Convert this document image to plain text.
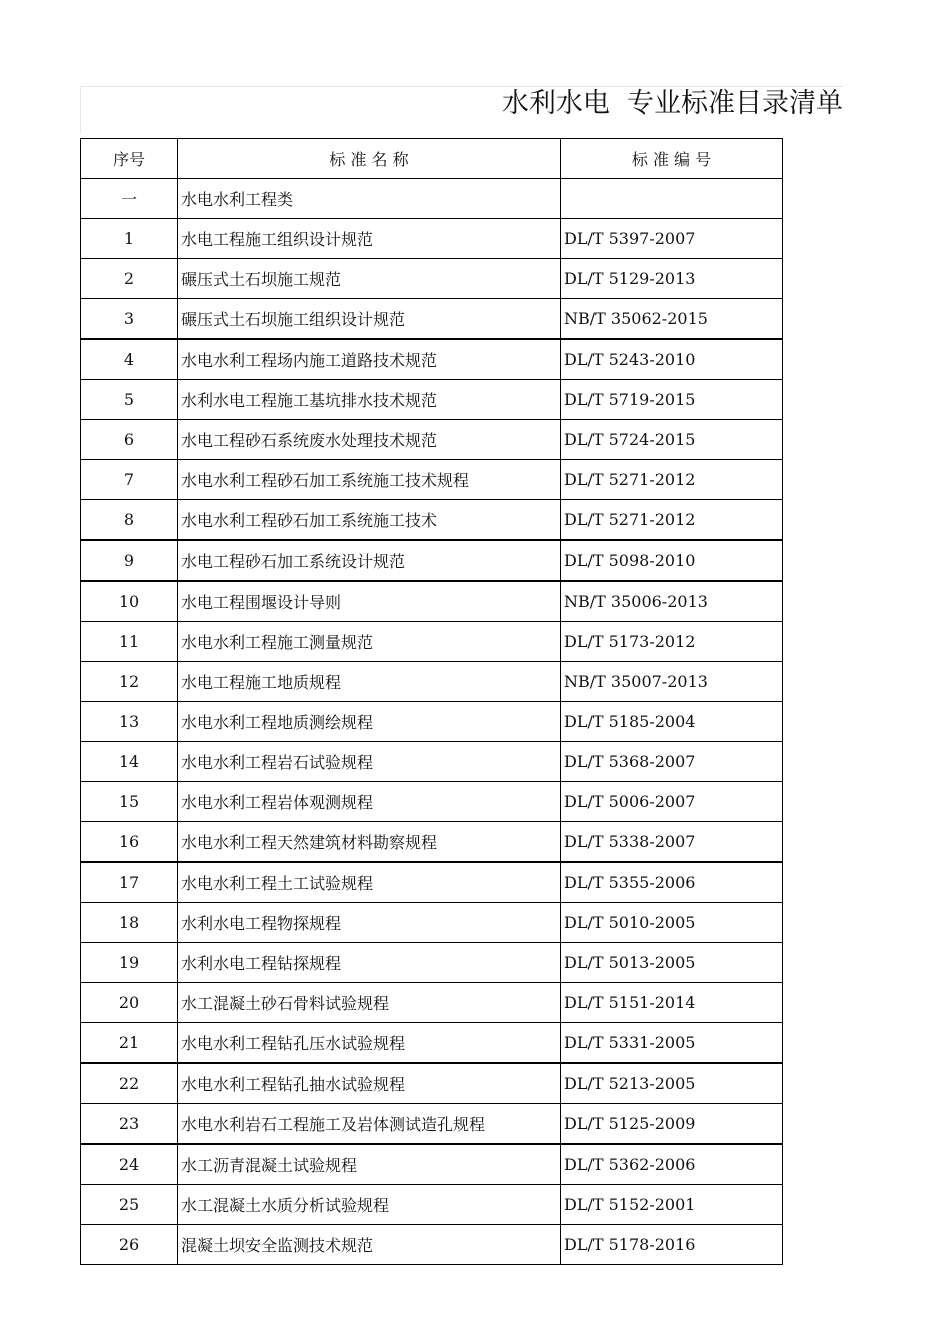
水利水电  专业标准目录清单
序号	标 准 名 称	标 准 编 号
一	水电水利工程类	
1	水电工程施工组织设计规范	DL/T 5397-2007
2	碾压式土石坝施工规范	DL/T 5129-2013
3	碾压式土石坝施工组织设计规范	NB/T 35062-2015
4	水电水利工程场内施工道路技术规范	DL/T 5243-2010
5	水利水电工程施工基坑排水技术规范	DL/T 5719-2015
6	水电工程砂石系统废水处理技术规范	DL/T 5724-2015
7	水电水利工程砂石加工系统施工技术规程	DL/T 5271-2012
8	水电水利工程砂石加工系统施工技术	DL/T 5271-2012
9	水电工程砂石加工系统设计规范	DL/T 5098-2010
10	水电工程围堰设计导则	NB/T 35006-2013
11	水电水利工程施工测量规范	DL/T 5173-2012
12	水电工程施工地质规程	NB/T 35007-2013
13	水电水利工程地质测绘规程	DL/T 5185-2004
14	水电水利工程岩石试验规程	DL/T 5368-2007
15	水电水利工程岩体观测规程	DL/T 5006-2007
16	水电水利工程天然建筑材料勘察规程	DL/T 5338-2007
17	水电水利工程土工试验规程	DL/T 5355-2006
18	水利水电工程物探规程	DL/T 5010-2005
19	水利水电工程钻探规程	DL/T 5013-2005
20	水工混凝土砂石骨料试验规程	DL/T 5151-2014
21	水电水利工程钻孔压水试验规程	DL/T 5331-2005
22	水电水利工程钻孔抽水试验规程	DL/T 5213-2005
23	水电水利岩石工程施工及岩体测试造孔规程	DL/T 5125-2009
24	水工沥青混凝土试验规程	DL/T 5362-2006
25	水工混凝土水质分析试验规程	DL/T 5152-2001
26	混凝土坝安全监测技术规范	DL/T 5178-2016
